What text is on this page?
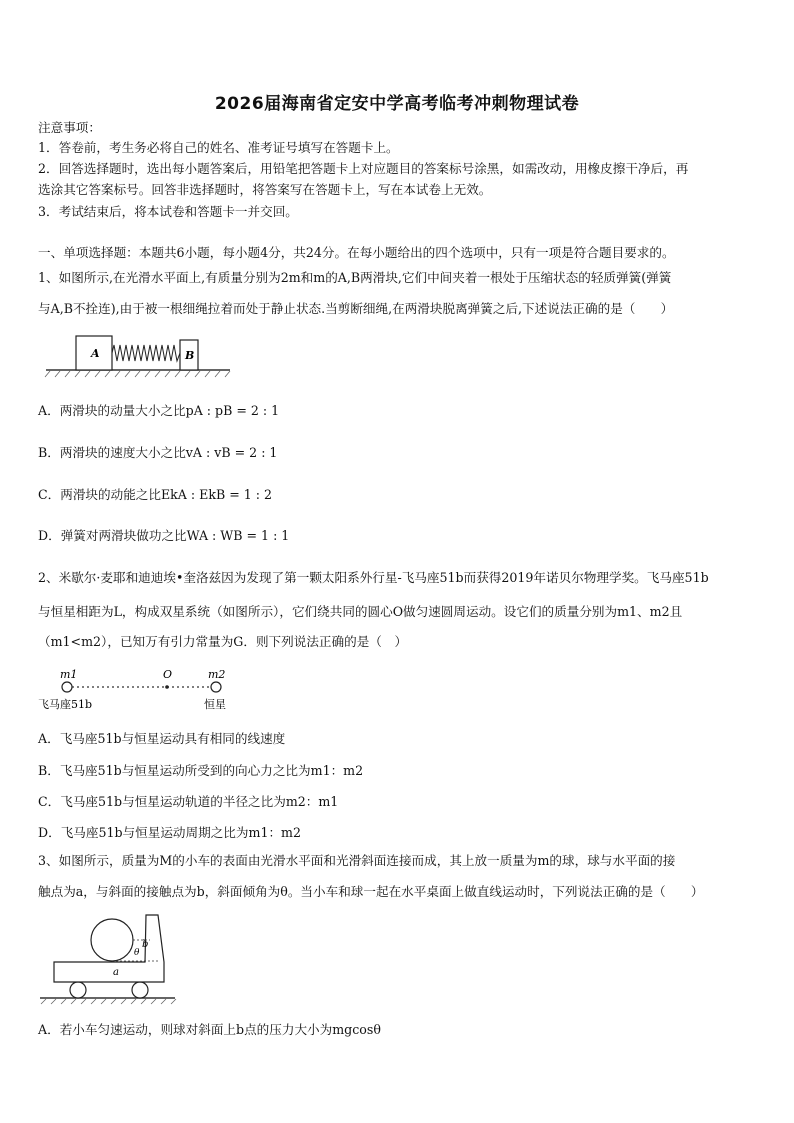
2026届海南省定安中学高考临考冲刺物理试卷
注意事项：
1．答卷前，考生务必将自己的姓名、准考证号填写在答题卡上。
2．回答选择题时，选出每小题答案后，用铅笔把答题卡上对应题目的答案标号涂黑，如需改动，用橡皮擦干净后，再
选涂其它答案标号。回答非选择题时，将答案写在答题卡上，写在本试卷上无效。
3．考试结束后，将本试卷和答题卡一并交回。
一、单项选择题：本题共6小题，每小题4分，共24分。在每小题给出的四个选项中，只有一项是符合题目要求的。
1、如图所示,在光滑水平面上,有质量分别为2m和m的A,B两滑块,它们中间夹着一根处于压缩状态的轻质弹簧(弹簧
与A,B不拴连),由于被一根细绳拉着而处于静止状态.当剪断细绳,在两滑块脱离弹簧之后,下述说法正确的是（　　）
A	B
A．两滑块的动量大小之比pA : pB = 2 : 1
B．两滑块的速度大小之比vA : vB = 2 : 1
C．两滑块的动能之比EkA : EkB = 1 : 2
D．弹簧对两滑块做功之比WA : WB = 1 : 1
2、米歇尔·麦耶和迪迪埃•奎洛兹因为发现了第一颗太阳系外行星-飞马座51b而获得2019年诺贝尔物理学奖。飞马座51b
与恒星相距为L，构成双星系统（如图所示），它们绕共同的圆心O做匀速圆周运动。设它们的质量分别为m1、m2且
（m1<m2），已知万有引力常量为G．则下列说法正确的是（　）
m1	O	m2
飞马座51b	恒星
A．飞马座51b与恒星运动具有相同的线速度
B．飞马座51b与恒星运动所受到的向心力之比为m1：m2
C．飞马座51b与恒星运动轨道的半径之比为m2：m1
D．飞马座51b与恒星运动周期之比为m1：m2
3、如图所示，质量为M的小车的表面由光滑水平面和光滑斜面连接而成，其上放一质量为m的球，球与水平面的接
触点为a，与斜面的接触点为b，斜面倾角为θ。当小车和球一起在水平桌面上做直线运动时，下列说法正确的是（　　）
b
θ
a
A．若小车匀速运动，则球对斜面上b点的压力大小为mgcosθ
